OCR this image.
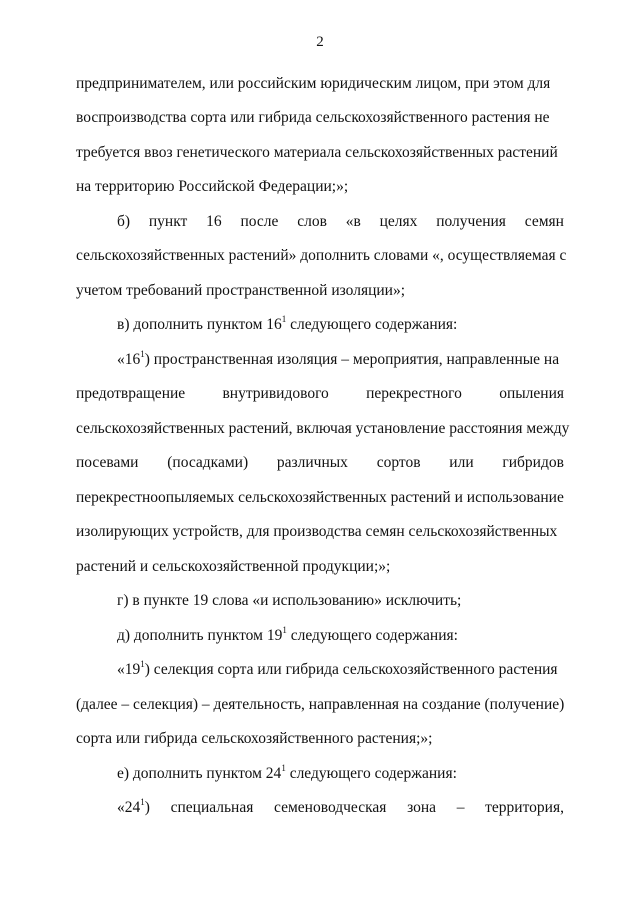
2
предпринимателем, или российским юридическим лицом, при этом для
воспроизводства сорта или гибрида сельскохозяйственного растения не
требуется ввоз генетического материала сельскохозяйственных растений
на территорию Российской Федерации;»;
б) пункт 16 после слов «в целях получения семян
сельскохозяйственных растений» дополнить словами «, осуществляемая с
учетом требований пространственной изоляции»;
в) дополнить пунктом $16^1$ следующего содержания:
«$16^1$) пространственная изоляция – мероприятия, направленные на
предотвращение внутривидового перекрестного опыления
сельскохозяйственных растений, включая установление расстояния между
посевами (посадками) различных сортов или гибридов
перекрестноопыляемых сельскохозяйственных растений и использование
изолирующих устройств, для производства семян сельскохозяйственных
растений и сельскохозяйственной продукции;»;
г) в пункте 19 слова «и использованию» исключить;
д) дополнить пунктом $19^1$ следующего содержания:
«$19^1$) селекция сорта или гибрида сельскохозяйственного растения
(далее – селекция) – деятельность, направленная на создание (получение)
сорта или гибрида сельскохозяйственного растения;»;
е) дополнить пунктом $24^1$ следующего содержания:
«$24^1$) специальная семеноводческая зона – территория,
